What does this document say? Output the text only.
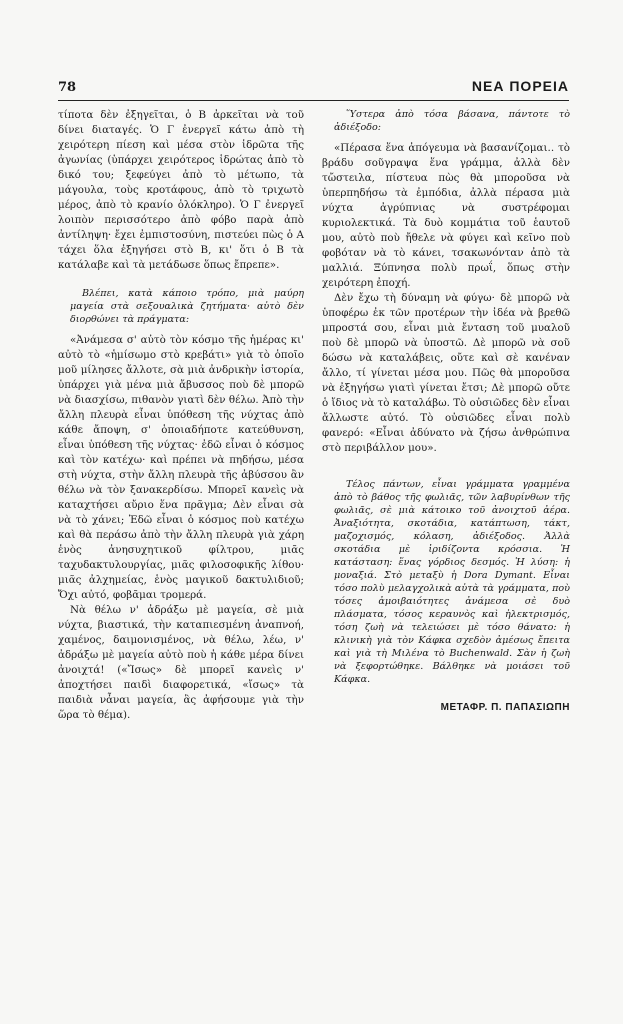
78	ΝΕΑ ΠΟΡΕΙΑ

τίποτα δὲν ἐξηγεῖται, ὁ Β ἀρκεῖται νὰ τοῦ δίνει διαταγές. Ὁ Γ ἐνεργεῖ κάτω ἀπὸ τὴ χειρότερη πίεση καὶ μέσα στὸν ἱδρῶτα τῆς ἀγωνίας (ὑπάρχει χειρότερος ἱδρώτας ἀπὸ τὸ δικό του; ξεφεύγει ἀπὸ τὸ μέτωπο, τὰ μάγουλα, τοὺς κροτάφους, ἀπὸ τὸ τριχωτὸ μέρος, ἀπὸ τὸ κρανίο ὁλόκληρο). Ὁ Γ ἐνεργεῖ λοιπὸν περισσότερο ἀπὸ φόβο παρὰ ἀπὸ ἀντίληψη· ἔχει ἐμπιστοσύνη, πιστεύει πὼς ὁ Α τάχει ὅλα ἐξηγήσει στὸ Β, κι' ὅτι ὁ Β τὰ κατάλαβε καὶ τὰ μετάδωσε ὅπως ἔπρεπε».

Βλέπει, κατὰ κάποιο τρόπο, μιὰ μαύρη μαγεία στὰ σεξουαλικὰ ζητήματα· αὐτὸ δὲν διορθώνει τὰ πράγματα:

«Ἀνάμεσα σ' αὐτὸ τὸν κόσμο τῆς ἡμέρας κι' αὐτὸ τὸ «ἡμίσωμο στὸ κρεβάτι» γιὰ τὸ ὁποῖο μοῦ μίλησες ἄλλοτε, σὰ μιὰ ἀνδρικὴν ἱστορία, ὑπάρχει γιὰ μένα μιὰ ἄβυσσος ποὺ δὲ μπορῶ νὰ διασχίσω, πιθανὸν γιατὶ δὲν θέλω. Ἀπὸ τὴν ἄλλη πλευρὰ εἶναι ὑπόθεση τῆς νύχτας ἀπὸ κάθε ἄποψη, σ' ὁποιαδήποτε κατεύθυνση, εἶναι ὑπόθεση τῆς νύχτας· ἐδῶ εἶναι ὁ κόσμος καὶ τὸν κατέχω· καὶ πρέπει νὰ πηδήσω, μέσα στὴ νύχτα, στὴν ἄλλη πλευρὰ τῆς ἀβύσσου ἂν θέλω νὰ τὸν ξανακερδίσω. Μπορεῖ κανεὶς νὰ καταχτήσει αὔριο ἕνα πρᾶγμα; Δὲν εἶναι σὰ νὰ τὸ χάνει; Ἐδῶ εἶναι ὁ κόσμος ποὺ κατέχω καὶ θὰ περάσω ἀπὸ τὴν ἄλλη πλευρὰ γιὰ χάρη ἑνὸς ἀνησυχητικοῦ φίλτρου, μιᾶς ταχυδακτυλουργίας, μιᾶς φιλοσοφικῆς λίθου· μιᾶς ἀλχημείας, ἑνὸς μαγικοῦ δακτυλιδιοῦ; Ὄχι αὐτό, φοβᾶμαι τρομερά.

Νὰ θέλω ν' ἀδράξω μὲ μαγεία, σὲ μιὰ νύχτα, βιαστικά, τὴν καταπιεσμένη ἀναπνοή, χαμένος, δαιμονισμένος, νὰ θέλω, λέω, ν' ἀδράξω μὲ μαγεία αὐτὸ ποὺ ἡ κάθε μέρα δίνει ἀνοιχτά! («Ἴσως» δὲ μπορεῖ κανεὶς ν' ἀποχτήσει παιδὶ διαφορετικά, «ἴσως» τὰ παιδιὰ νἆναι μαγεία, ἂς ἀφήσουμε γιὰ τὴν ὥρα τὸ θέμα).

Ὕστερα ἀπὸ τόσα βάσανα, πάντοτε τὸ ἀδιέξοδο:

«Πέρασα ἕνα ἀπόγευμα νὰ βασανίζομαι.. τὸ βράδυ σοῦγραψα ἕνα γράμμα, ἀλλὰ δὲν τὤστειλα, πίστευα πὼς θὰ μποροῦσα νὰ ὑπερπηδήσω τὰ ἐμπόδια, ἀλλὰ πέρασα μιὰ νύχτα ἀγρύπνιας νὰ συστρέφομαι κυριολεκτικά. Τὰ δυὸ κομμάτια τοῦ ἑαυτοῦ μου, αὐτὸ ποὺ ἤθελε νὰ φύγει καὶ κεῖνο ποὺ φοβόταν νὰ τὸ κάνει, τσακωνόνταν ἀπὸ τὰ μαλλιά. Ξύπνησα πολὺ πρωΐ, ὅπως στὴν χειρότερη ἐποχή.

Δὲν ἔχω τὴ δύναμη νὰ φύγω· δὲ μπορῶ νὰ ὑποφέρω ἐκ τῶν προτέρων τὴν ἰδέα νὰ βρεθῶ μπροστά σου, εἶναι μιὰ ἔνταση τοῦ μυαλοῦ ποὺ δὲ μπορῶ νὰ ὑποστῶ. Δὲ μπορῶ νὰ σοῦ δώσω νὰ καταλάβεις, οὔτε καὶ σὲ κανέναν ἄλλο, τί γίνεται μέσα μου. Πῶς θὰ μποροῦσα νὰ ἐξηγήσω γιατὶ γίνεται ἔτσι; Δὲ μπορῶ οὔτε ὁ ἴδιος νὰ τὸ καταλάβω. Τὸ οὐσιῶδες δὲν εἶναι ἄλλωστε αὐτό. Τὸ οὐσιῶδες εἶναι πολὺ φανερό: «Εἶναι ἀδύνατο νὰ ζήσω ἀνθρώπινα στὸ περιβάλλον μου».

Τέλος πάντων, εἶναι γράμματα γραμμένα ἀπὸ τὸ βάθος τῆς φωλιᾶς, τῶν λαβυρίνθων τῆς φωλιᾶς, σὲ μιὰ κάτοικο τοῦ ἀνοιχτοῦ ἀέρα. Ἀναξιότητα, σκοτάδια, κατάπτωση, τάκτ, μαζοχισμός, κόλαση, ἀδιέξοδος. Ἀλλὰ σκοτάδια μὲ ἰριδίζοντα κρόσσια. Ἡ κατάσταση: ἕνας γόρδιος δεσμός. Ἡ λύση: ἡ μοναξιά. Στὸ μεταξὺ ἡ Dora Dymant. Εἶναι τόσο πολὺ μελαγχολικὰ αὐτὰ τὰ γράμματα, ποὺ τόσες ἀμοιβαιότητες ἀνάμεσα σὲ δυὸ πλάσματα, τόσος κεραυνὸς καὶ ἠλεκτρισμός, τόση ζωὴ νὰ τελειώσει μὲ τόσο θάνατο: ἡ κλινικὴ γιὰ τὸν Κάφκα σχεδὸν ἀμέσως ἔπειτα καὶ γιὰ τὴ Μιλένα τὸ Buchenwald. Σὰν ἡ ζωὴ νὰ ξεφορτώθηκε. Βάλθηκε νὰ μοιάσει τοῦ Κάφκα.

ΜΕΤΑΦΡ. Π. ΠΑΠΑΣΙΩΠΗ
